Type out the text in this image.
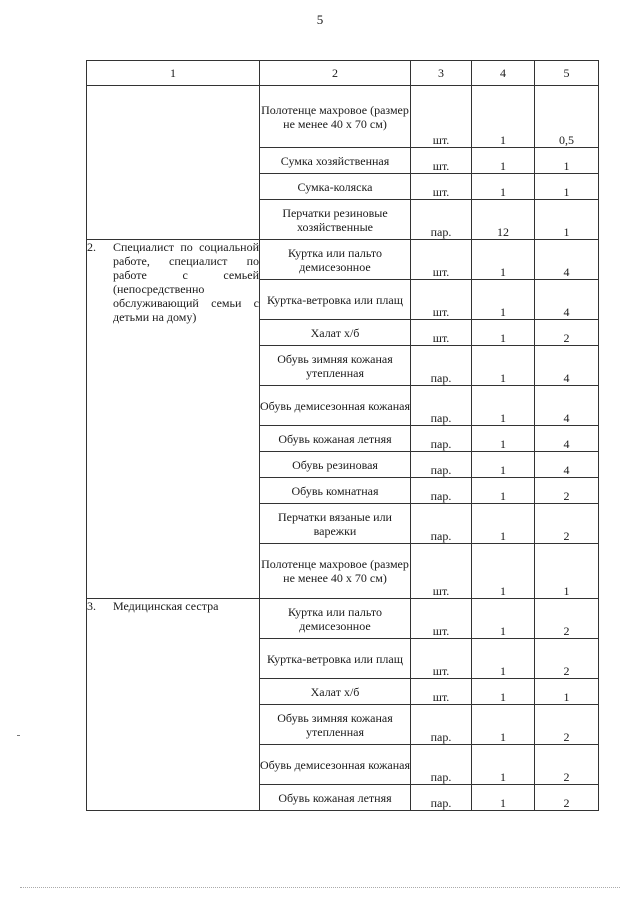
5
1	2	3	4	5

	Полотенце махровое (размер не менее 40 х 70 см)	шт.	1	0,5
	Сумка хозяйственная	шт.	1	1
	Сумка-коляска	шт.	1	1
	Перчатки резиновые хозяйственные	пар.	12	1

2. Специалист по социальной работе, специалист по работе с семьей (непосредственно обслуживающий семьи с детьми на дому)	Куртка или пальто демисезонное	шт.	1	4
	Куртка-ветровка или плащ	шт.	1	4
	Халат х/б	шт.	1	2
	Обувь зимняя кожаная утепленная	пар.	1	4
	Обувь демисезонная кожаная	пар.	1	4
	Обувь кожаная летняя	пар.	1	4
	Обувь резиновая	пар.	1	4
	Обувь комнатная	пар.	1	2
	Перчатки вязаные или варежки	пар.	1	2
	Полотенце махровое (размер не менее 40 х 70 см)	шт.	1	1

3. Медицинская сестра	Куртка или пальто демисезонное	шт.	1	2
	Куртка-ветровка или плащ	шт.	1	2
	Халат х/б	шт.	1	1
	Обувь зимняя кожаная утепленная	пар.	1	2
	Обувь демисезонная кожаная	пар.	1	2
	Обувь кожаная летняя	пар.	1	2
